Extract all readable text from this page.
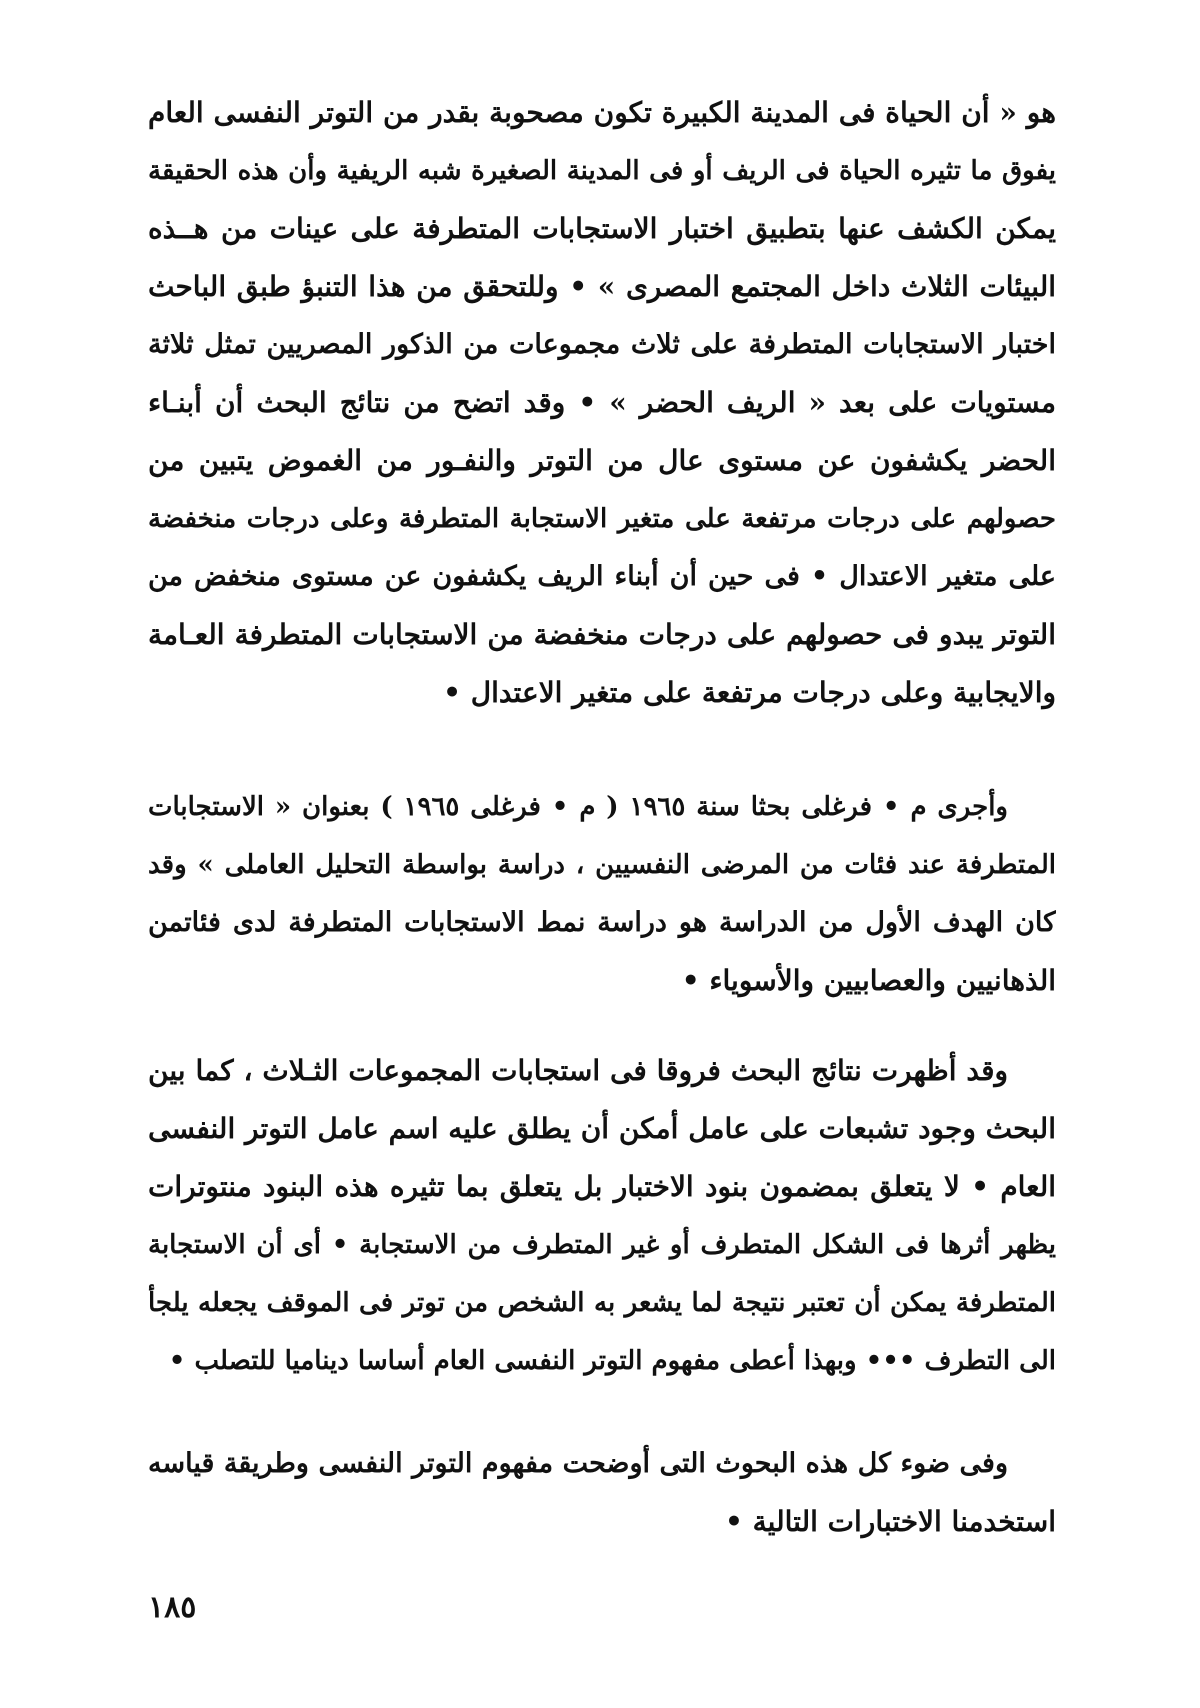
هو « أن الحياة فى المدينة الكبيرة تكون مصحوبة بقدر من التوتر النفسى العام
يفوق ما تثيره الحياة فى الريف أو فى المدينة الصغيرة شبه الريفية وأن هذه الحقيقة
يمكن الكشف عنها بتطبيق اختبار الاستجابات المتطرفة على عينات من هــذه
البيئات الثلاث داخل المجتمع المصرى » • وللتحقق من هذا التنبؤ طبق الباحث
اختبار الاستجابات المتطرفة على ثلاث مجموعات من الذكور المصريين تمثل ثلاثة
مستويات على بعد « الريف الحضر » • وقد اتضح من نتائج البحث أن أبنـاء
الحضر يكشفون عن مستوى عال من التوتر والنفـور من الغموض يتبين من
حصولهم على درجات مرتفعة على متغير الاستجابة المتطرفة وعلى درجات منخفضة
على متغير الاعتدال • فى حين أن أبناء الريف يكشفون عن مستوى منخفض من
التوتر يبدو فى حصولهم على درجات منخفضة من الاستجابات المتطرفة العـامة
والايجابية وعلى درجات مرتفعة على متغير الاعتدال •
وأجرى م • فرغلى بحثا سنة ١٩٦٥ ( م • فرغلى ١٩٦٥ ) بعنوان « الاستجابات
المتطرفة عند فئات من المرضى النفسيين ، دراسة بواسطة التحليل العاملى » وقد
كان الهدف الأول من الدراسة هو دراسة نمط الاستجابات المتطرفة لدى فئاتمن
الذهانيين والعصابيين والأسوياء •
وقد أظهرت نتائج البحث فروقا فى استجابات المجموعات الثـلاث ، كما بين
البحث وجود تشبعات على عامل أمكن أن يطلق عليه اسم عامل التوتر النفسى
العام • لا يتعلق بمضمون بنود الاختبار بل يتعلق بما تثيره هذه البنود منتوترات
يظهر أثرها فى الشكل المتطرف أو غير المتطرف من الاستجابة • أى أن الاستجابة
المتطرفة يمكن أن تعتبر نتيجة لما يشعر به الشخص من توتر فى الموقف يجعله يلجأ
الى التطرف ••• وبهذا أعطى مفهوم التوتر النفسى العام أساسا ديناميا للتصلب •
وفى ضوء كل هذه البحوث التى أوضحت مفهوم التوتر النفسى وطريقة قياسه
استخدمنا الاختبارات التالية •
١٨٥
